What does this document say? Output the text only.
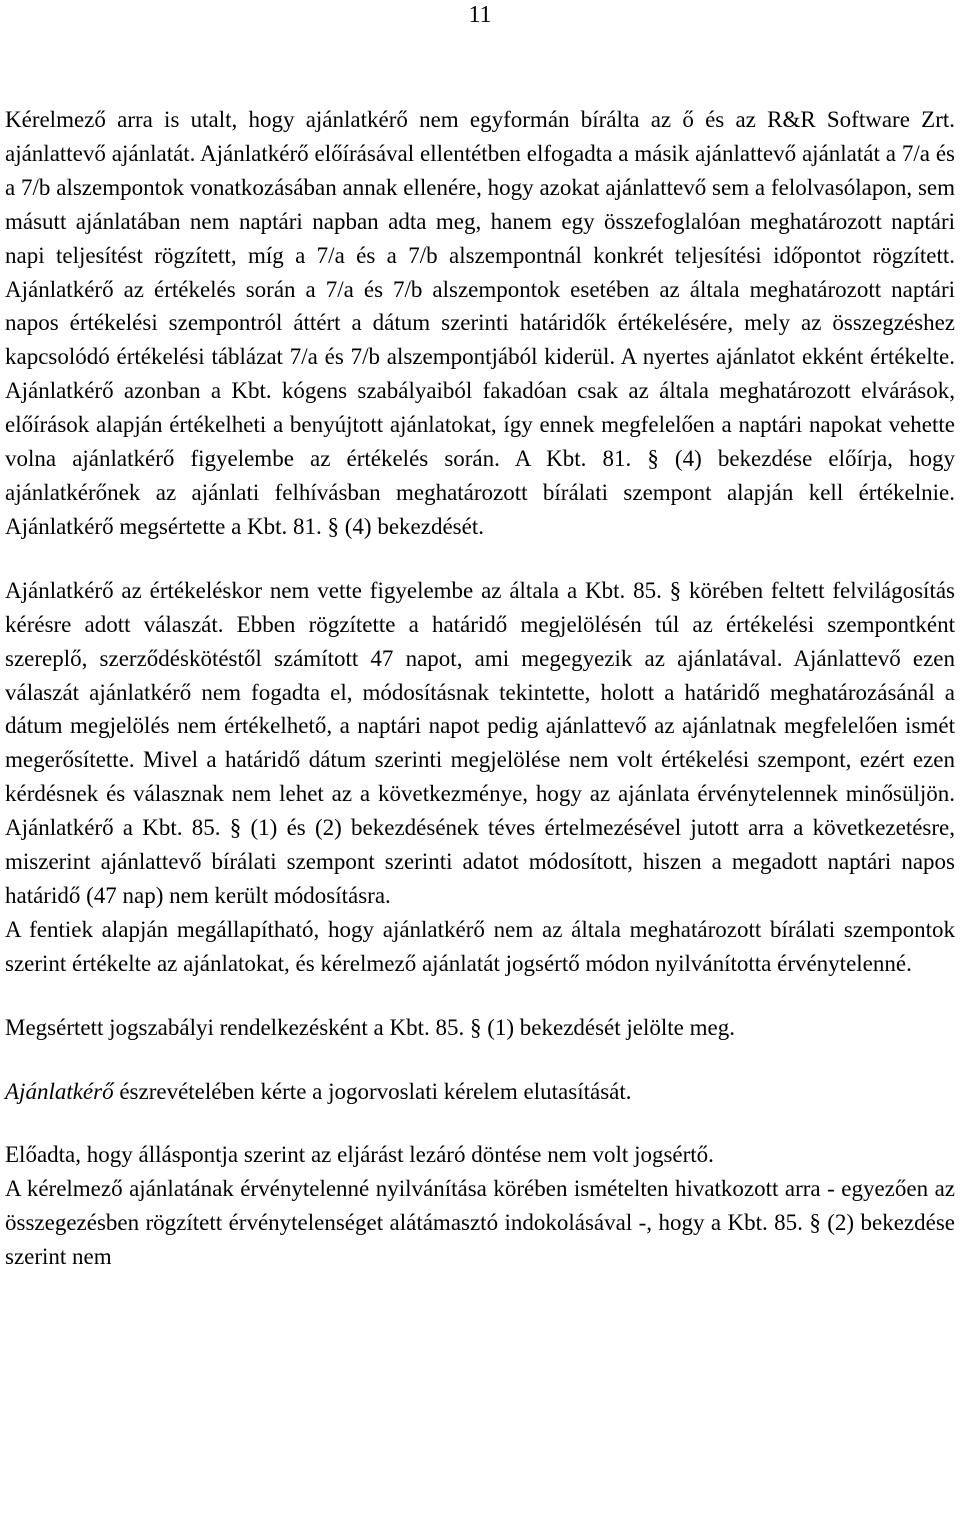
11

Kérelmező arra is utalt, hogy ajánlatkérő nem egyformán bírálta az ő és az R&R Software Zrt. ajánlattevő ajánlatát. Ajánlatkérő előírásával ellentétben elfogadta a másik ajánlattevő ajánlatát a 7/a és a 7/b alszempontok vonatkozásában annak ellenére, hogy azokat ajánlattevő sem a felolvasólapon, sem másutt ajánlatában nem naptári napban adta meg, hanem egy összefoglalóan meghatározott naptári napi teljesítést rögzített, míg a 7/a és a 7/b alszempontnál konkrét teljesítési időpontot rögzített. Ajánlatkérő az értékelés során a 7/a és 7/b alszempontok esetében az általa meghatározott naptári napos értékelési szempontról áttért a dátum szerinti határidők értékelésére, mely az összegzéshez kapcsolódó értékelési táblázat 7/a és 7/b alszempontjából kiderül. A nyertes ajánlatot ekként értékelte. Ajánlatkérő azonban a Kbt. kógens szabályaiból fakadóan csak az általa meghatározott elvárások, előírások alapján értékelheti a benyújtott ajánlatokat, így ennek megfelelően a naptári napokat vehette volna ajánlatkérő figyelembe az értékelés során. A Kbt. 81. § (4) bekezdése előírja, hogy ajánlatkérőnek az ajánlati felhívásban meghatározott bírálati szempont alapján kell értékelnie. Ajánlatkérő megsértette a Kbt. 81. § (4) bekezdését.

Ajánlatkérő az értékeléskor nem vette figyelembe az általa a Kbt. 85. § körében feltett felvilágosítás kérésre adott válaszát. Ebben rögzítette a határidő megjelölésén túl az értékelési szempontként szereplő, szerződéskötéstől számított 47 napot, ami megegyezik az ajánlatával. Ajánlattevő ezen válaszát ajánlatkérő nem fogadta el, módosításnak tekintette, holott a határidő meghatározásánál a dátum megjelölés nem értékelhető, a naptári napot pedig ajánlattevő az ajánlatnak megfelelően ismét megerősítette. Mivel a határidő dátum szerinti megjelölése nem volt értékelési szempont, ezért ezen kérdésnek és válasznak nem lehet az a következménye, hogy az ajánlata érvénytelennek minősüljön. Ajánlatkérő a Kbt. 85. § (1) és (2) bekezdésének téves értelmezésével jutott arra a következetésre, miszerint ajánlattevő bírálati szempont szerinti adatot módosított, hiszen a megadott naptári napos határidő (47 nap) nem került módosításra.

A fentiek alapján megállapítható, hogy ajánlatkérő nem az általa meghatározott bírálati szempontok szerint értékelte az ajánlatokat, és kérelmező ajánlatát jogsértő módon nyilvánította érvénytelenné.

Megsértett jogszabályi rendelkezésként a Kbt. 85. § (1) bekezdését jelölte meg.

Ajánlatkérő észrevételében kérte a jogorvoslati kérelem elutasítását.

Előadta, hogy álláspontja szerint az eljárást lezáró döntése nem volt jogsértő.

A kérelmező ajánlatának érvénytelenné nyilvánítása körében ismételten hivatkozott arra - egyezően az összegezésben rögzített érvénytelenséget alátámasztó indokolásával -, hogy a Kbt. 85. § (2) bekezdése szerint nem
